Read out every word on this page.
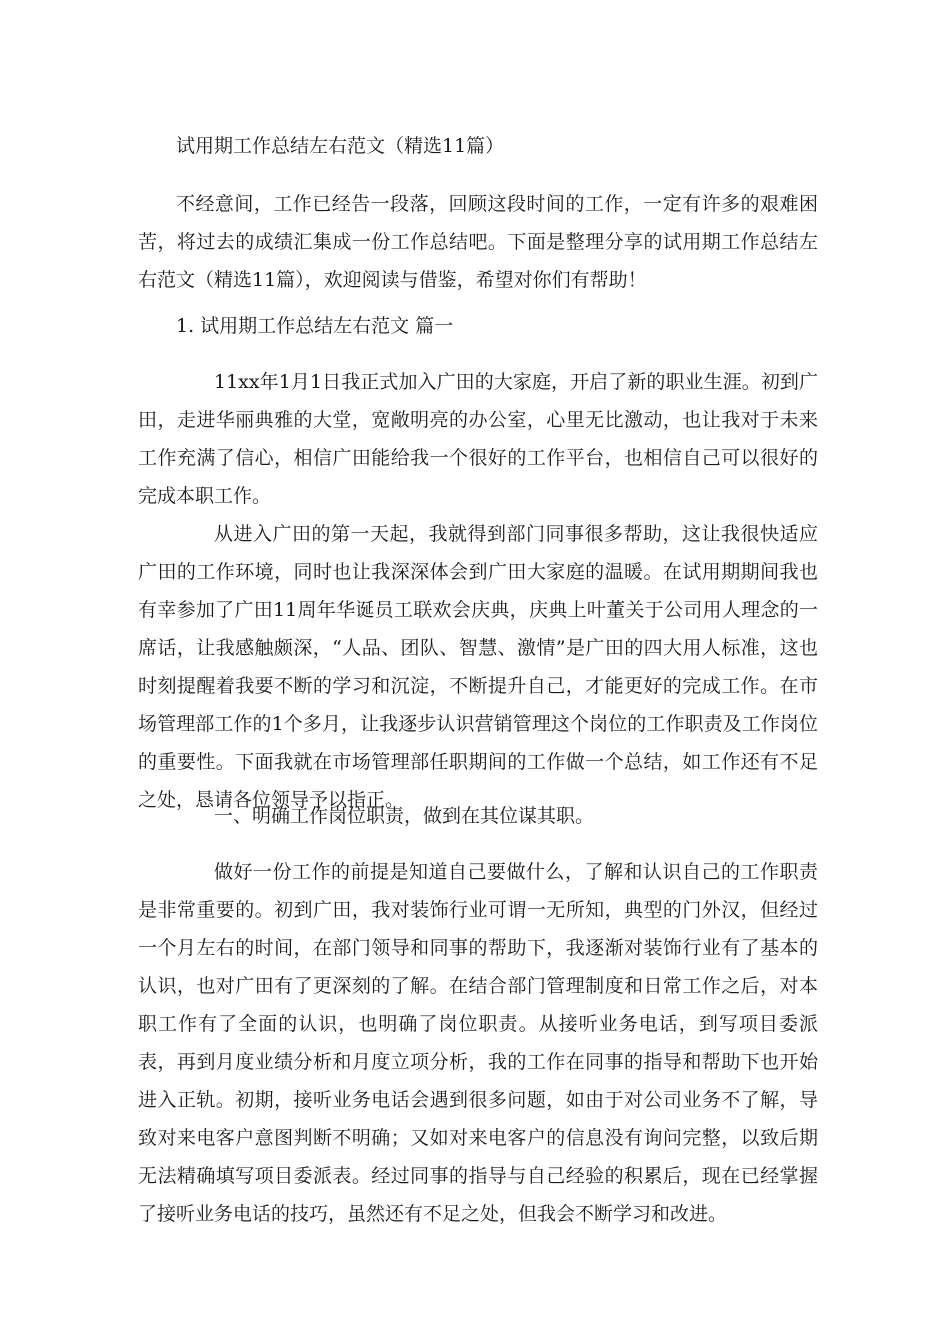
试用期工作总结左右范文（精选11篇）

不经意间，工作已经告一段落，回顾这段时间的工作，一定有许多的艰难困苦，将过去的成绩汇集成一份工作总结吧。下面是整理分享的试用期工作总结左右范文（精选11篇），欢迎阅读与借鉴，希望对你们有帮助！

1. 试用期工作总结左右范文 篇一

11xx年1月1日我正式加入广田的大家庭，开启了新的职业生涯。初到广田，走进华丽典雅的大堂，宽敞明亮的办公室，心里无比激动，也让我对于未来工作充满了信心，相信广田能给我一个很好的工作平台，也相信自己可以很好的完成本职工作。

从进入广田的第一天起，我就得到部门同事很多帮助，这让我很快适应广田的工作环境，同时也让我深深体会到广田大家庭的温暖。在试用期期间我也有幸参加了广田11周年华诞员工联欢会庆典，庆典上叶董关于公司用人理念的一席话，让我感触颇深，“人品、团队、智慧、激情”是广田的四大用人标准，这也时刻提醒着我要不断的学习和沉淀，不断提升自己，才能更好的完成工作。在市场管理部工作的1个多月，让我逐步认识营销管理这个岗位的工作职责及工作岗位的重要性。下面我就在市场管理部任职期间的工作做一个总结，如工作还有不足之处，恳请各位领导予以指正。

一、明确工作岗位职责，做到在其位谋其职。

做好一份工作的前提是知道自己要做什么，了解和认识自己的工作职责是非常重要的。初到广田，我对装饰行业可谓一无所知，典型的门外汉，但经过一个月左右的时间，在部门领导和同事的帮助下，我逐渐对装饰行业有了基本的认识，也对广田有了更深刻的了解。在结合部门管理制度和日常工作之后，对本职工作有了全面的认识，也明确了岗位职责。从接听业务电话，到写项目委派表，再到月度业绩分析和月度立项分析，我的工作在同事的指导和帮助下也开始进入正轨。初期，接听业务电话会遇到很多问题，如由于对公司业务不了解，导致对来电客户意图判断不明确；又如对来电客户的信息没有询问完整，以致后期无法精确填写项目委派表。经过同事的指导与自己经验的积累后，现在已经掌握了接听业务电话的技巧，虽然还有不足之处，但我会不断学习和改进。
